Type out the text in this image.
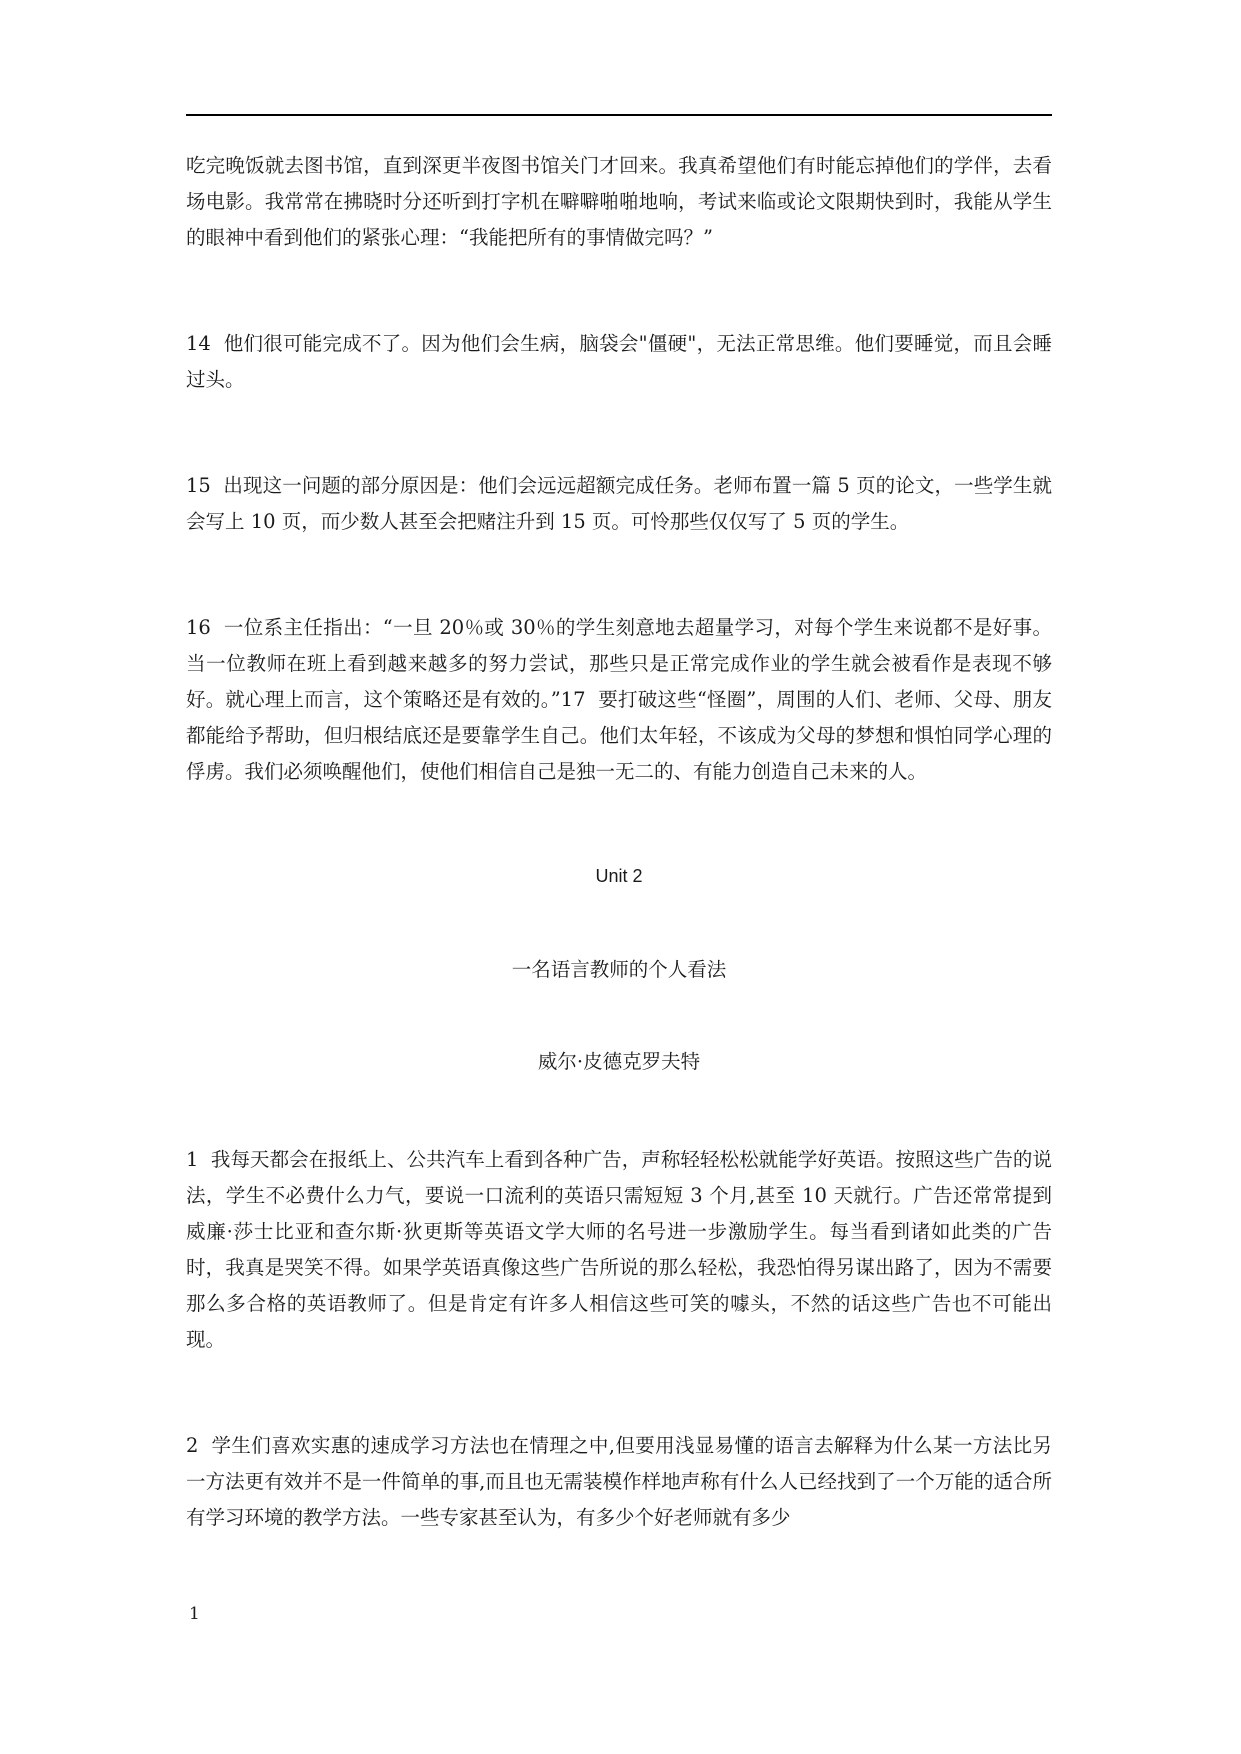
吃完晚饭就去图书馆，直到深更半夜图书馆关门才回来。我真希望他们有时能忘掉他们的学伴，去看场电影。我常常在拂晓时分还听到打字机在噼噼啪啪地响，考试来临或论文限期快到时，我能从学生的眼神中看到他们的紧张心理：“我能把所有的事情做完吗？”

14  他们很可能完成不了。因为他们会生病，脑袋会"僵硬"，无法正常思维。他们要睡觉，而且会睡过头。

15  出现这一问题的部分原因是：他们会远远超额完成任务。老师布置一篇 5 页的论文，一些学生就会写上 10 页，而少数人甚至会把赌注升到 15 页。可怜那些仅仅写了 5 页的学生。

16  一位系主任指出：“一旦 20％或 30％的学生刻意地去超量学习，对每个学生来说都不是好事。当一位教师在班上看到越来越多的努力尝试，那些只是正常完成作业的学生就会被看作是表现不够好。就心理上而言，这个策略还是有效的。”17  要打破这些“怪圈”，周围的人们、老师、父母、朋友都能给予帮助，但归根结底还是要靠学生自己。他们太年轻，不该成为父母的梦想和惧怕同学心理的俘虏。我们必须唤醒他们，使他们相信自己是独一无二的、有能力创造自己未来的人。

Unit 2

一名语言教师的个人看法

威尔·皮德克罗夫特

1  我每天都会在报纸上、公共汽车上看到各种广告，声称轻轻松松就能学好英语。按照这些广告的说法，学生不必费什么力气，要说一口流利的英语只需短短 3 个月,甚至 10 天就行。广告还常常提到威廉·莎士比亚和查尔斯·狄更斯等英语文学大师的名号进一步激励学生。每当看到诸如此类的广告时，我真是哭笑不得。如果学英语真像这些广告所说的那么轻松，我恐怕得另谋出路了，因为不需要那么多合格的英语教师了。但是肯定有许多人相信这些可笑的噱头，不然的话这些广告也不可能出现。

2  学生们喜欢实惠的速成学习方法也在情理之中,但要用浅显易懂的语言去解释为什么某一方法比另一方法更有效并不是一件简单的事,而且也无需装模作样地声称有什么人已经找到了一个万能的适合所有学习环境的教学方法。一些专家甚至认为，有多少个好老师就有多少

1
